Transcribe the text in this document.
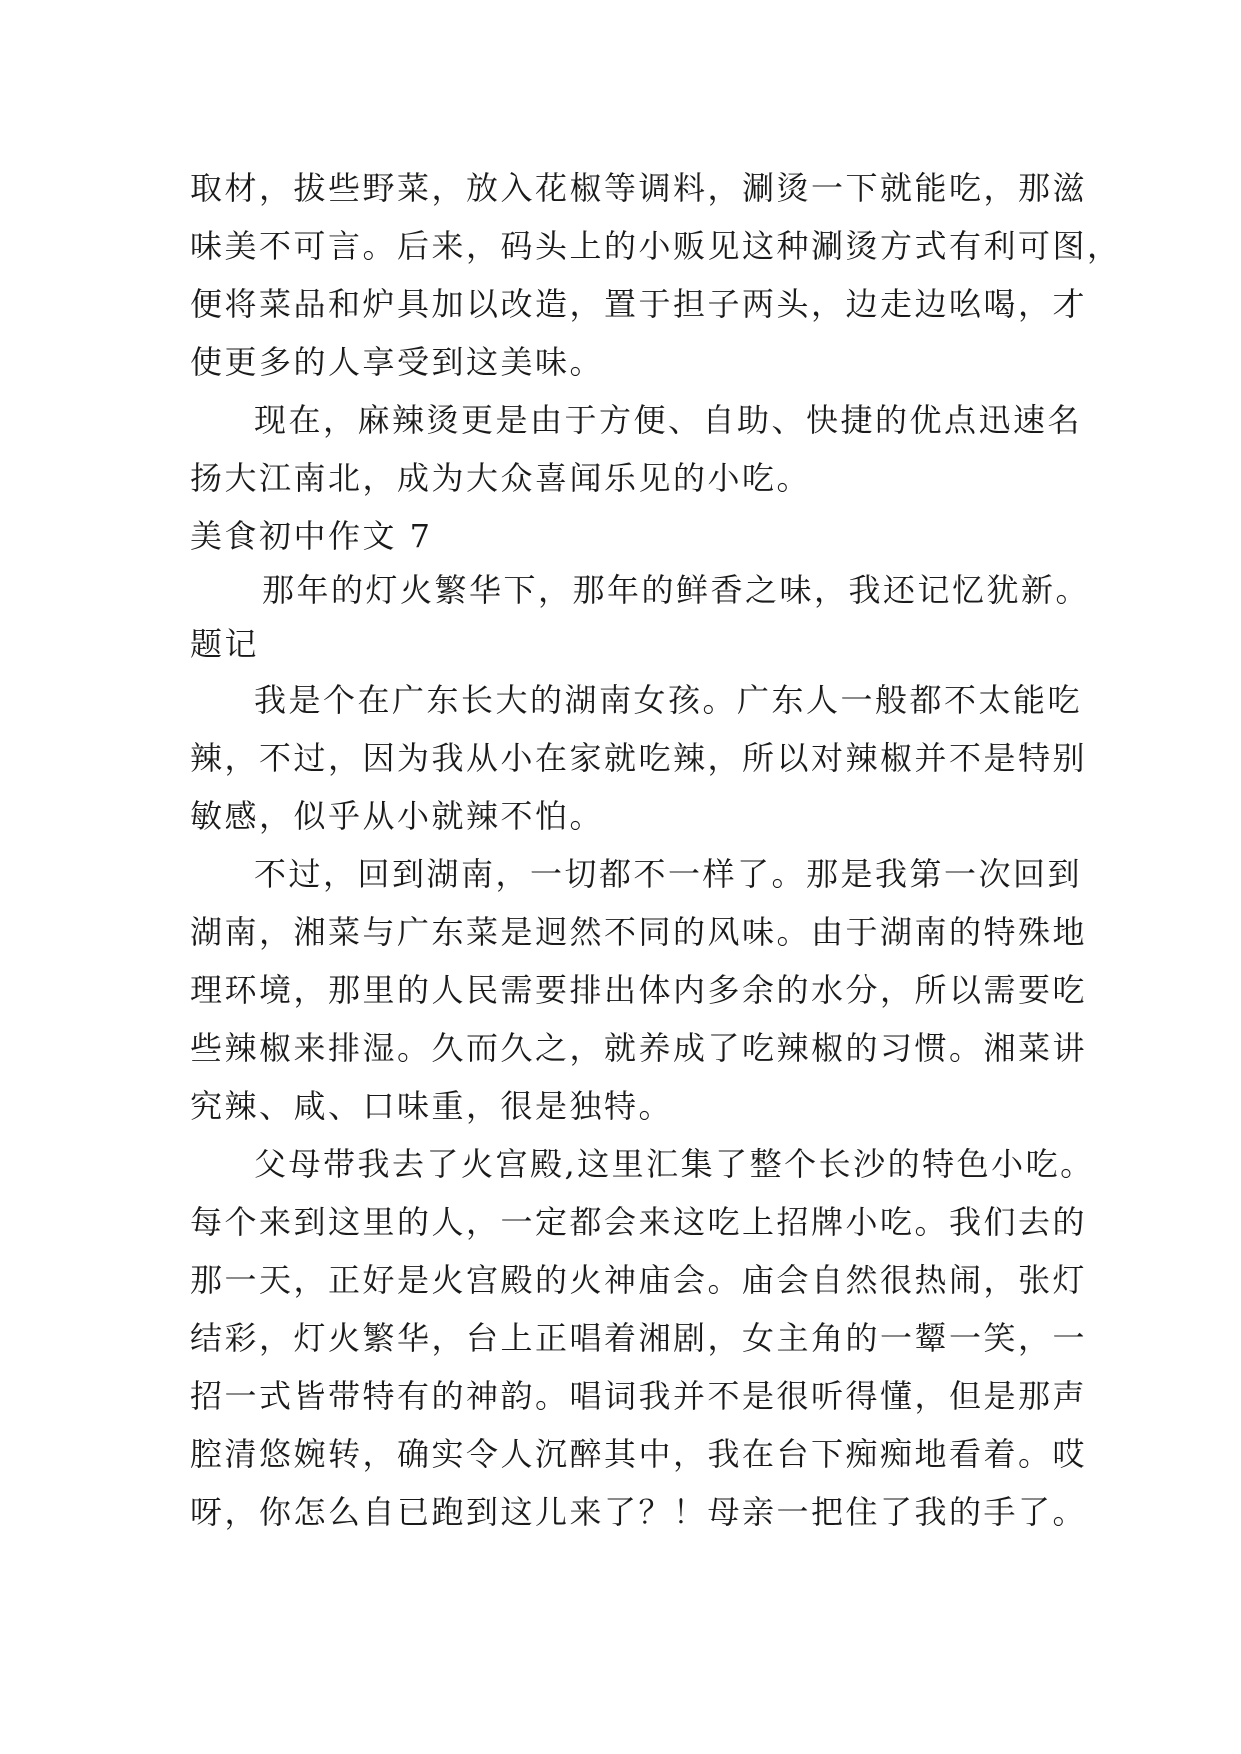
取材，拔些野菜，放入花椒等调料，涮烫一下就能吃，那滋
味美不可言。后来，码头上的小贩见这种涮烫方式有利可图，
便将菜品和炉具加以改造，置于担子两头，边走边吆喝，才
使更多的人享受到这美味。
现在，麻辣烫更是由于方便、自助、快捷的优点迅速名
扬大江南北，成为大众喜闻乐见的小吃。
美食初中作文 7
那年的灯火繁华下，那年的鲜香之味，我还记忆犹新。
题记
我是个在广东长大的湖南女孩。广东人一般都不太能吃
辣，不过，因为我从小在家就吃辣，所以对辣椒并不是特别
敏感，似乎从小就辣不怕。
不过，回到湖南，一切都不一样了。那是我第一次回到
湖南，湘菜与广东菜是迥然不同的风味。由于湖南的特殊地
理环境，那里的人民需要排出体内多余的水分，所以需要吃
些辣椒来排湿。久而久之，就养成了吃辣椒的习惯。湘菜讲
究辣、咸、口味重，很是独特。
父母带我去了火宫殿,这里汇集了整个长沙的特色小吃。
每个来到这里的人，一定都会来这吃上招牌小吃。我们去的
那一天，正好是火宫殿的火神庙会。庙会自然很热闹，张灯
结彩，灯火繁华，台上正唱着湘剧，女主角的一颦一笑，一
招一式皆带特有的神韵。唱词我并不是很听得懂，但是那声
腔清悠婉转，确实令人沉醉其中，我在台下痴痴地看着。哎
呀，你怎么自已跑到这儿来了？！母亲一把住了我的手了。
